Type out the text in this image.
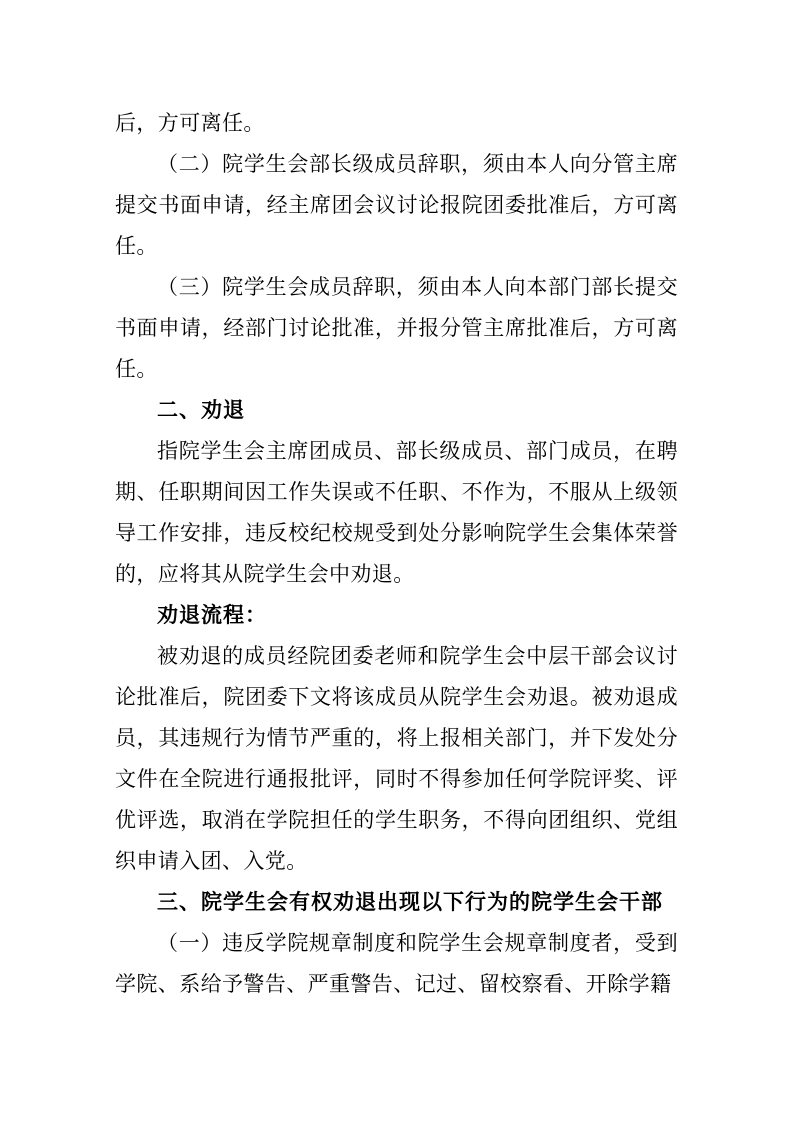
后，方可离任。

（二）院学生会部长级成员辞职，须由本人向分管主席提交书面申请，经主席团会议讨论报院团委批准后，方可离任。

（三）院学生会成员辞职，须由本人向本部门部长提交书面申请，经部门讨论批准，并报分管主席批准后，方可离任。

二、劝退

指院学生会主席团成员、部长级成员、部门成员，在聘期、任职期间因工作失误或不任职、不作为，不服从上级领导工作安排，违反校纪校规受到处分影响院学生会集体荣誉的，应将其从院学生会中劝退。

劝退流程：

被劝退的成员经院团委老师和院学生会中层干部会议讨论批准后，院团委下文将该成员从院学生会劝退。被劝退成员，其违规行为情节严重的，将上报相关部门，并下发处分文件在全院进行通报批评，同时不得参加任何学院评奖、评优评选，取消在学院担任的学生职务，不得向团组织、党组织申请入团、入党。

三、院学生会有权劝退出现以下行为的院学生会干部

（一）违反学院规章制度和院学生会规章制度者，受到学院、系给予警告、严重警告、记过、留校察看、开除学籍
